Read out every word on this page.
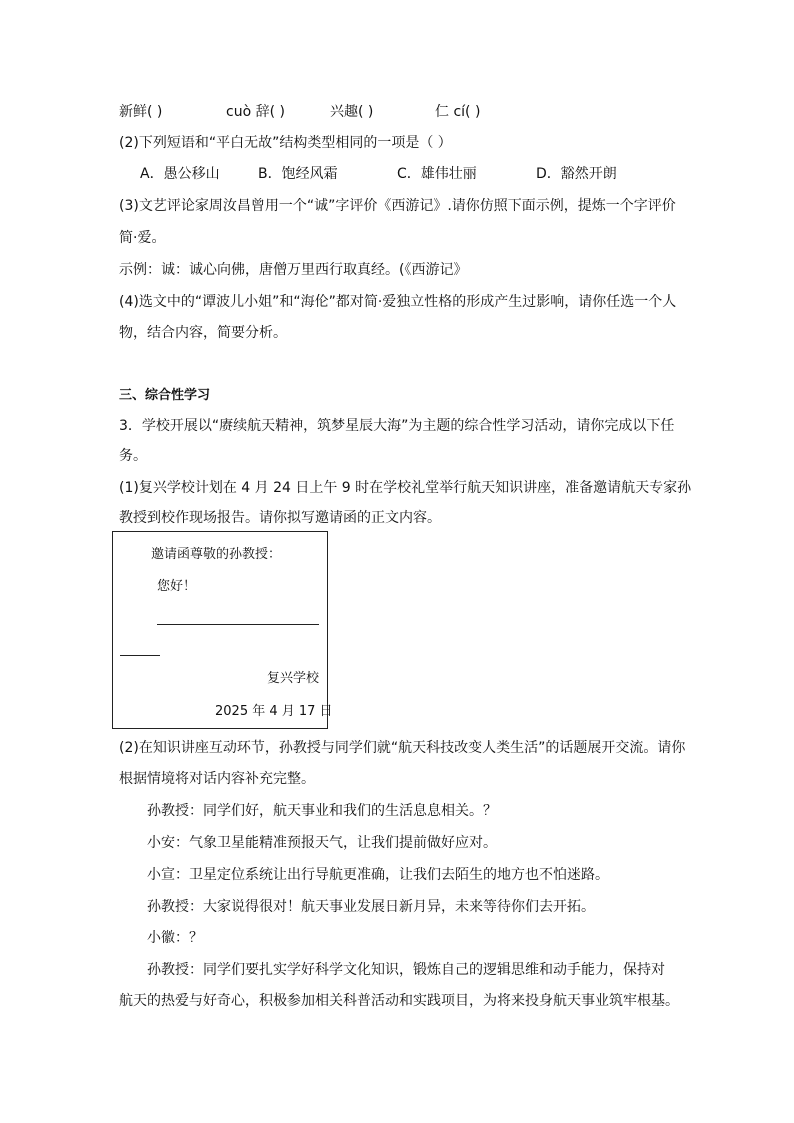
新鲜( )	cuò 辞( )	兴趣( )	仁 cí( )
(2)下列短语和“平白无故”结构类型相同的一项是（ ）
A．愚公移山	B．饱经风霜	C．雄伟壮丽	D．豁然开朗
(3)文艺评论家周汝昌曾用一个“诚”字评价《西游记》.请你仿照下面示例，提炼一个字评价
简·爱。
示例：诚：诚心向佛，唐僧万里西行取真经。(《西游记》
(4)选文中的“谭波儿小姐”和“海伦”都对简·爱独立性格的形成产生过影响，请你任选一个人
物，结合内容，简要分析。
三、综合性学习
3．学校开展以“赓续航天精神，筑梦星辰大海”为主题的综合性学习活动，请你完成以下任
务。
(1)复兴学校计划在 4 月 24 日上午 9 时在学校礼堂举行航天知识讲座，准备邀请航天专家孙
教授到校作现场报告。请你拟写邀请函的正文内容。
邀请函尊敬的孙教授：
您好！
复兴学校
2025 年 4 月 17 日
(2)在知识讲座互动环节，孙教授与同学们就“航天科技改变人类生活”的话题展开交流。请你
根据情境将对话内容补充完整。
孙教授：同学们好，航天事业和我们的生活息息相关。？
小安：气象卫星能精准预报天气，让我们提前做好应对。
小宣：卫星定位系统让出行导航更准确，让我们去陌生的地方也不怕迷路。
孙教授：大家说得很对！航天事业发展日新月异，未来等待你们去开拓。
小徽：？
孙教授：同学们要扎实学好科学文化知识，锻炼自己的逻辑思维和动手能力，保持对
航天的热爱与好奇心，积极参加相关科普活动和实践项目，为将来投身航天事业筑牢根基。
